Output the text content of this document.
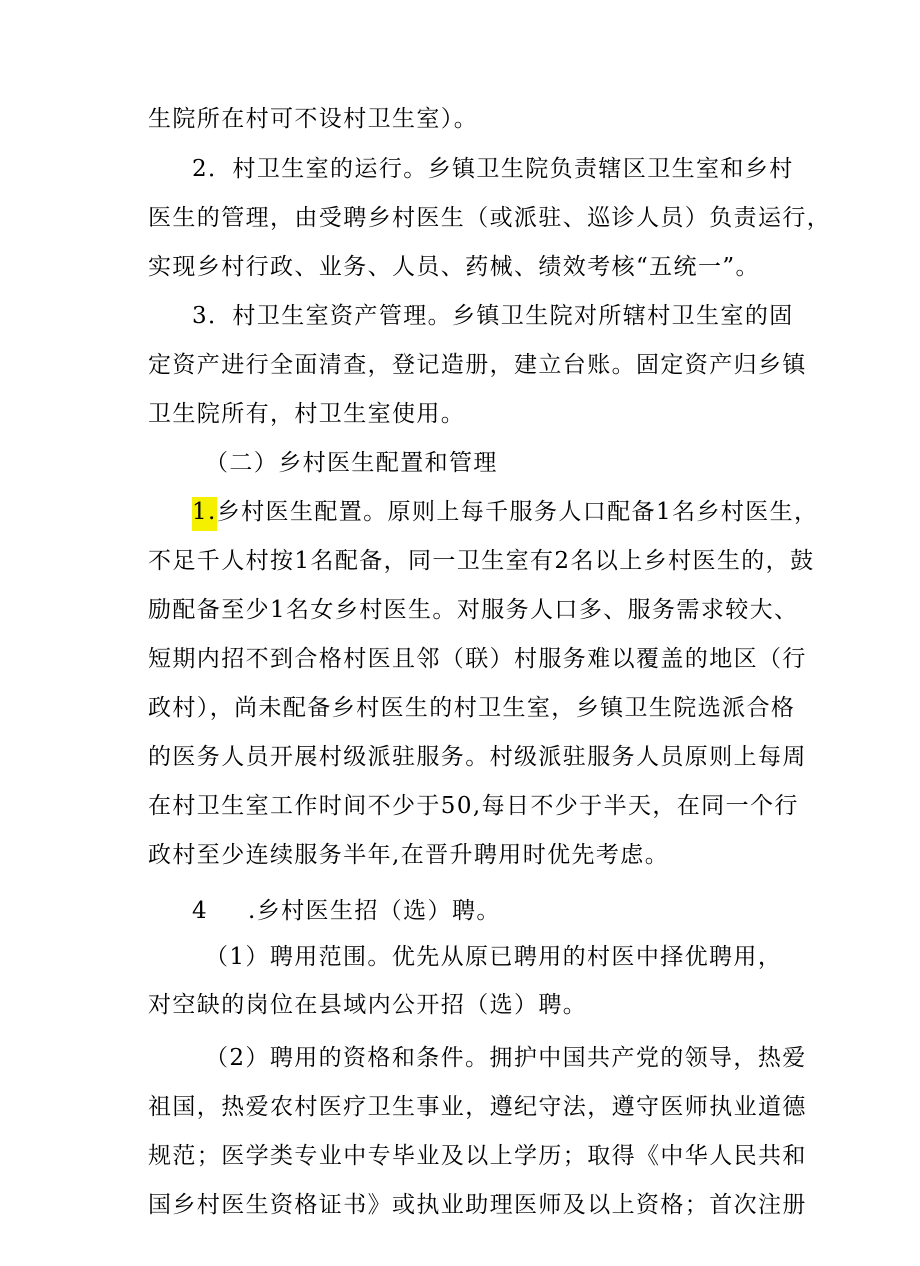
生院所在村可不设村卫生室）。
2．村卫生室的运行。乡镇卫生院负责辖区卫生室和乡村
医生的管理，由受聘乡村医生（或派驻、巡诊人员）负责运行，
实现乡村行政、业务、人员、药械、绩效考核“五统一”。
3．村卫生室资产管理。乡镇卫生院对所辖村卫生室的固
定资产进行全面清查，登记造册，建立台账。固定资产归乡镇
卫生院所有，村卫生室使用。
（二）乡村医生配置和管理
1.乡村医生配置。原则上每千服务人口配备1名乡村医生，
不足千人村按1名配备，同一卫生室有2名以上乡村医生的，鼓
励配备至少1名女乡村医生。对服务人口多、服务需求较大、
短期内招不到合格村医且邻（联）村服务难以覆盖的地区（行
政村），尚未配备乡村医生的村卫生室，乡镇卫生院选派合格
的医务人员开展村级派驻服务。村级派驻服务人员原则上每周
在村卫生室工作时间不少于50,每日不少于半天，在同一个行
政村至少连续服务半年,在晋升聘用时优先考虑。
4 .乡村医生招（选）聘。
（1）聘用范围。优先从原已聘用的村医中择优聘用，
对空缺的岗位在县域内公开招（选）聘。
（2）聘用的资格和条件。拥护中国共产党的领导，热爱
祖国，热爱农村医疗卫生事业，遵纪守法，遵守医师执业道德
规范；医学类专业中专毕业及以上学历；取得《中华人民共和
国乡村医生资格证书》或执业助理医师及以上资格；首次注册
